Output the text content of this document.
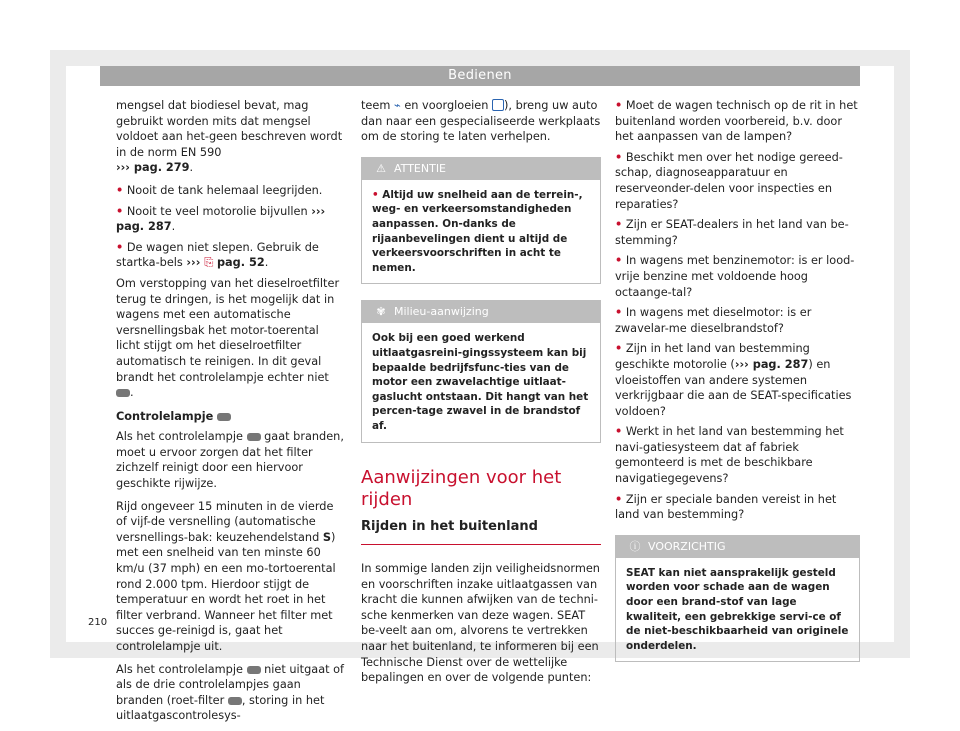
Bedienen

mengsel dat biodiesel bevat, mag gebruikt worden mits dat mengsel voldoet aan het-geen beschreven wordt in de norm EN 590
››› pag. 279.

• Nooit de tank helemaal leegrijden.

• Nooit te veel motorolie bijvullen ››› pag. 287.

• De wagen niet slepen. Gebruik de startka-bels ››› ⎘ pag. 52.

Om verstopping van het dieselroetfilter terug te dringen, is het mogelijk dat in wagens met een automatische versnellingsbak het motor-toerental licht stijgt om het dieselroetfilter automatisch te reinigen. In dit geval brandt het controlelampje echter niet .

Controlelampje

Als het controlelampje gaat branden, moet u ervoor zorgen dat het filter zichzelf reinigt door een hiervoor geschikte rijwijze.

Rijd ongeveer 15 minuten in de vierde of vijf-de versnelling (automatische versnellings-bak: keuzehendelstand S) met een snelheid van ten minste 60 km/u (37 mph) en een mo-tortoerental rond 2.000 tpm. Hierdoor stijgt de temperatuur en wordt het roet in het filter verbrand. Wanneer het filter met succes ge-reinigd is, gaat het controlelampje uit.

Als het controlelampje niet uitgaat of als de drie controlelampjes gaan branden (roet-filter , storing in het uitlaatgascontrolesys-

teem ⌁ en voorgloeien ), breng uw auto dan naar een gespecialiseerde werkplaats om de storing te laten verhelpen.

⚠ ATTENTIE
• Altijd uw snelheid aan de terrein-, weg- en verkeersomstandigheden aanpassen. On-danks de rijaanbevelingen dient u altijd de verkeersvoorschriften in acht te nemen.
✾ Milieu-aanwijzing
Ook bij een goed werkend uitlaatgasreini-gingssysteem kan bij bepaalde bedrijfsfunc-ties van de motor een zwavelachtige uitlaat-gaslucht ontstaan. Dit hangt van het percen-tage zwavel in de brandstof af.
Aanwijzingen voor het rijden
Rijden in het buitenland

In sommige landen zijn veiligheidsnormen en voorschriften inzake uitlaatgassen van kracht die kunnen afwijken van de techni-sche kenmerken van deze wagen. SEAT be-veelt aan om, alvorens te vertrekken naar het buitenland, te informeren bij een Technische Dienst over de wettelijke bepalingen en over de volgende punten:

• Moet de wagen technisch op de rit in het buitenland worden voorbereid, b.v. door het aanpassen van de lampen?

• Beschikt men over het nodige gereed-schap, diagnoseapparatuur en reserveonder-delen voor inspecties en reparaties?

• Zijn er SEAT-dealers in het land van be-stemming?

• In wagens met benzinemotor: is er lood-vrije benzine met voldoende hoog octaange-tal?

• In wagens met dieselmotor: is er zwavelar-me dieselbrandstof?

• Zijn in het land van bestemming geschikte motorolie (››› pag. 287) en vloeistoffen van andere systemen verkrijgbaar die aan de SEAT-specificaties voldoen?

• Werkt in het land van bestemming het navi-gatiesysteem dat af fabriek gemonteerd is met de beschikbare navigatiegegevens?

• Zijn er speciale banden vereist in het land van bestemming?

ⓘ VOORZICHTIG
SEAT kan niet aansprakelijk gesteld worden voor schade aan de wagen door een brand-stof van lage kwaliteit, een gebrekkige servi-ce of de niet-beschikbaarheid van originele onderdelen.
210
